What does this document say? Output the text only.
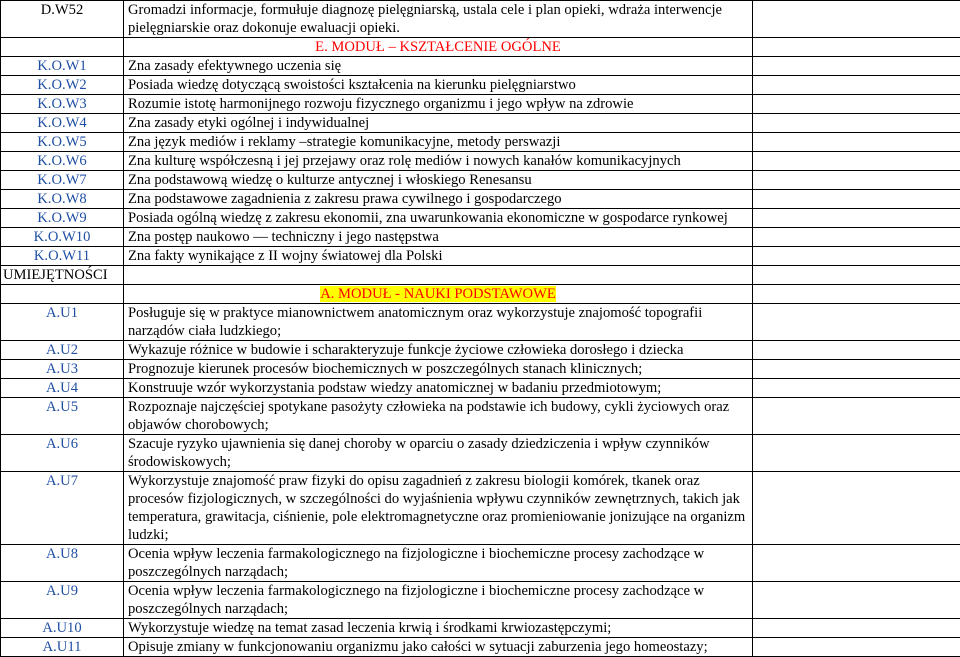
D.W52	Gromadzi informacje, formułuje diagnozę pielęgniarską, ustala cele i plan opieki, wdraża interwencje pielęgniarskie oraz dokonuje ewaluacji opieki.	
	E. MODUŁ – KSZTAŁCENIE OGÓLNE	
K.O.W1	Zna zasady efektywnego uczenia się	
K.O.W2	Posiada wiedzę dotyczącą swoistości kształcenia na kierunku pielęgniarstwo	
K.O.W3	Rozumie istotę harmonijnego rozwoju fizycznego organizmu i jego wpływ na zdrowie	
K.O.W4	Zna zasady etyki ogólnej i indywidualnej	
K.O.W5	Zna język mediów i reklamy –strategie komunikacyjne, metody perswazji	
K.O.W6	Zna kulturę współczesną i jej przejawy oraz rolę mediów i nowych kanałów komunikacyjnych	
K.O.W7	Zna podstawową wiedzę o kulturze antycznej i włoskiego Renesansu	
K.O.W8	Zna podstawowe zagadnienia z zakresu prawa cywilnego i gospodarczego	
K.O.W9	Posiada ogólną wiedzę z zakresu ekonomii, zna uwarunkowania ekonomiczne w gospodarce rynkowej	
K.O.W10	Zna postęp naukowo — techniczny i jego następstwa	
K.O.W11	Zna fakty wynikające z II wojny światowej dla Polski	
UMIEJĘTNOŚCI		
	A. MODUŁ - NAUKI PODSTAWOWE	
A.U1	Posługuje się w praktyce mianownictwem anatomicznym oraz wykorzystuje znajomość topografii narządów ciała ludzkiego;	
A.U2	Wykazuje różnice w budowie i scharakteryzuje funkcje życiowe człowieka dorosłego i dziecka	
A.U3	Prognozuje kierunek procesów biochemicznych w poszczególnych stanach klinicznych;	
A.U4	Konstruuje wzór wykorzystania podstaw wiedzy anatomicznej w badaniu przedmiotowym;	
A.U5	Rozpoznaje najczęściej spotykane pasożyty człowieka na podstawie ich budowy, cykli życiowych oraz objawów chorobowych;	
A.U6	Szacuje ryzyko ujawnienia się danej choroby w oparciu o zasady dziedziczenia i wpływ czynników środowiskowych;	
A.U7	Wykorzystuje znajomość praw fizyki do opisu zagadnień z zakresu biologii komórek, tkanek oraz procesów fizjologicznych, w szczególności do wyjaśnienia wpływu czynników zewnętrznych, takich jak temperatura, grawitacja, ciśnienie, pole elektromagnetyczne oraz promieniowanie jonizujące na organizm ludzki;	
A.U8	Ocenia wpływ leczenia farmakologicznego na fizjologiczne i biochemiczne procesy zachodzące w poszczególnych narządach;	
A.U9	Ocenia wpływ leczenia farmakologicznego na fizjologiczne i biochemiczne procesy zachodzące w poszczególnych narządach;	
A.U10	Wykorzystuje wiedzę na temat zasad leczenia krwią i środkami krwiozastępczymi;	
A.U11	Opisuje zmiany w funkcjonowaniu organizmu jako całości w sytuacji zaburzenia jego homeostazy;	
